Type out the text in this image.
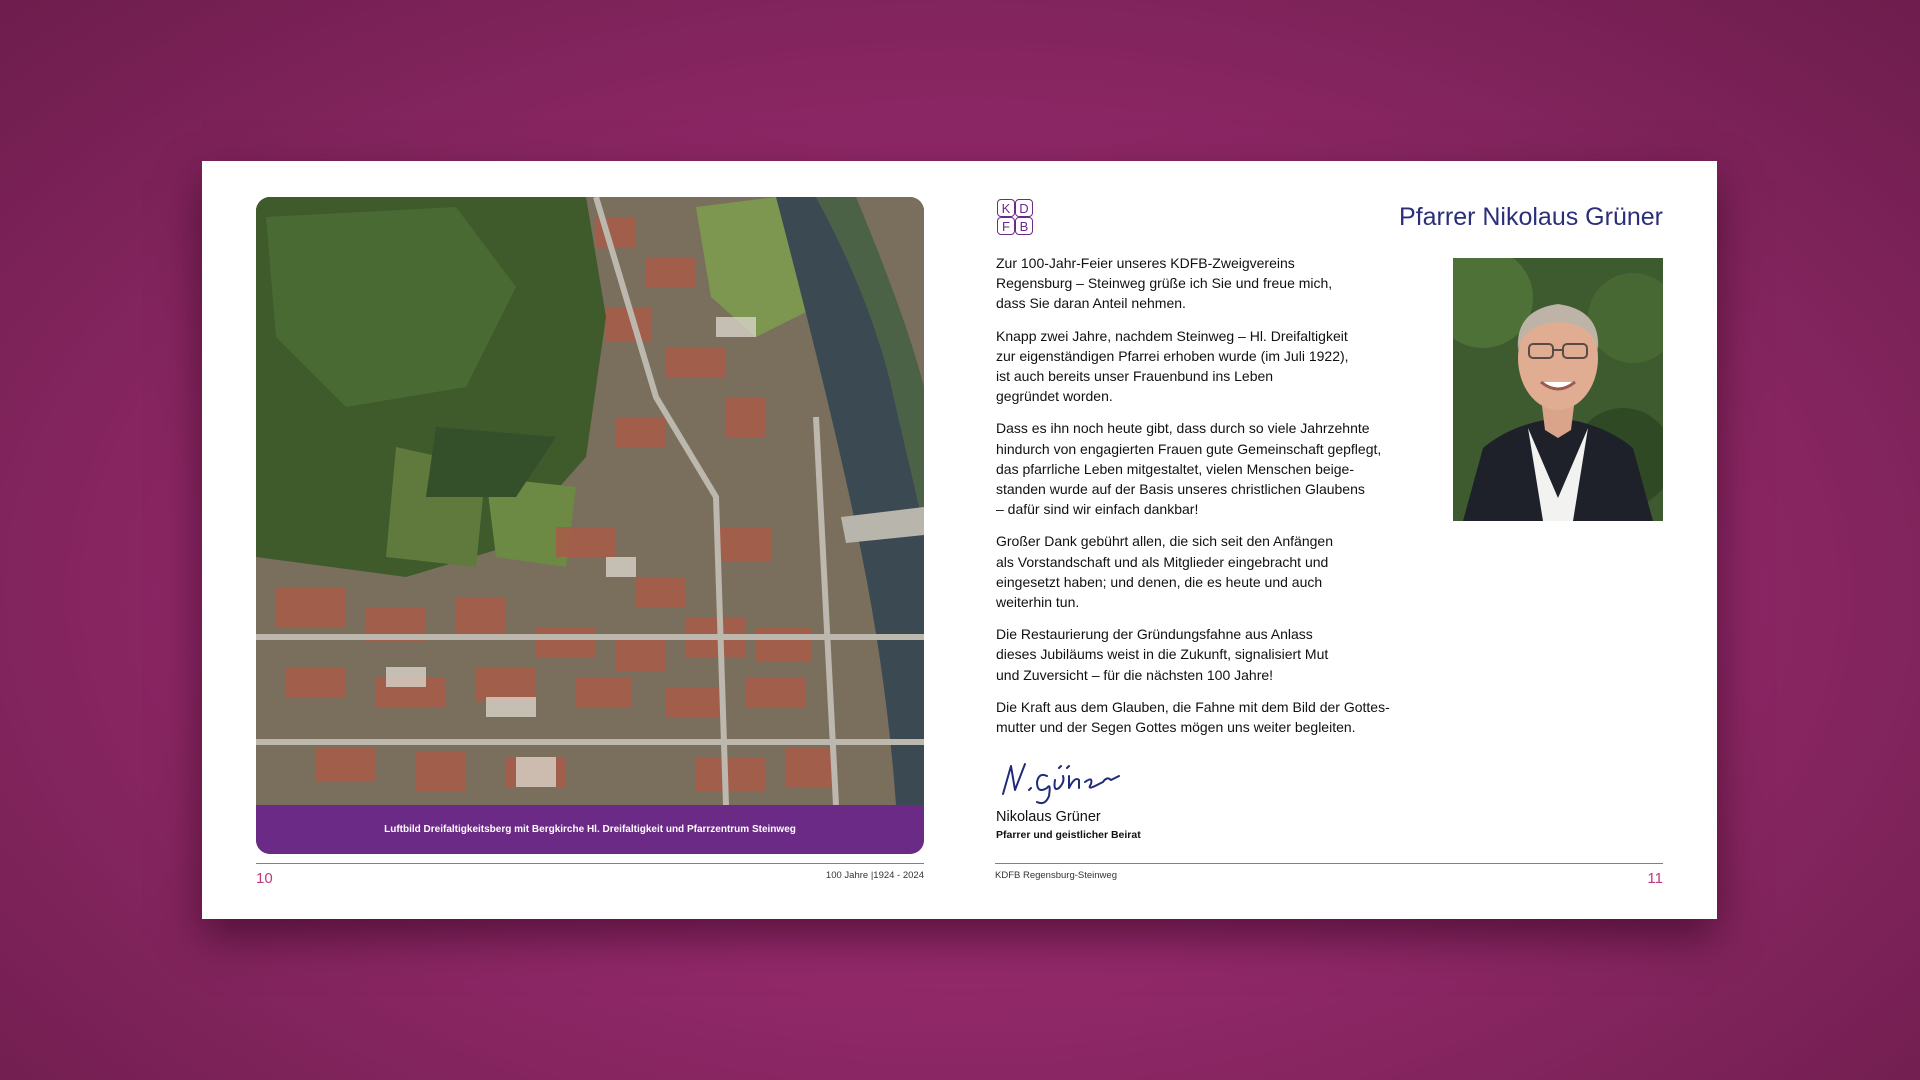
Luftbild Dreifaltigkeitsberg mit Bergkirche Hl. Dreifaltigkeit und Pfarrzentrum Steinweg
10	100 Jahre |1924 - 2024
K D
F B	Pfarrer Nikolaus Grüner

Zur 100-Jahr-Feier unseres KDFB-Zweigvereins
Regensburg – Steinweg grüße ich Sie und freue mich,
dass Sie daran Anteil nehmen.

Knapp zwei Jahre, nachdem Steinweg – Hl. Dreifaltigkeit
zur eigenständigen Pfarrei erhoben wurde (im Juli 1922),
ist auch bereits unser Frauenbund ins Leben
gegründet worden.

Dass es ihn noch heute gibt, dass durch so viele Jahrzehnte
hindurch von engagierten Frauen gute Gemeinschaft gepflegt,
das pfarrliche Leben mitgestaltet, vielen Menschen beige-
standen wurde auf der Basis unseres christlichen Glaubens
– dafür sind wir einfach dankbar!

Großer Dank gebührt allen, die sich seit den Anfängen
als Vorstandschaft und als Mitglieder eingebracht und
eingesetzt haben; und denen, die es heute und auch
weiterhin tun.

Die Restaurierung der Gründungsfahne aus Anlass
dieses Jubiläums weist in die Zukunft, signalisiert Mut
und Zuversicht – für die nächsten 100 Jahre!

Die Kraft aus dem Glauben, die Fahne mit dem Bild der Gottes-
mutter und der Segen Gottes mögen uns weiter begleiten.

Nikolaus Grüner
Pfarrer und geistlicher Beirat
KDFB Regensburg-Steinweg	11
